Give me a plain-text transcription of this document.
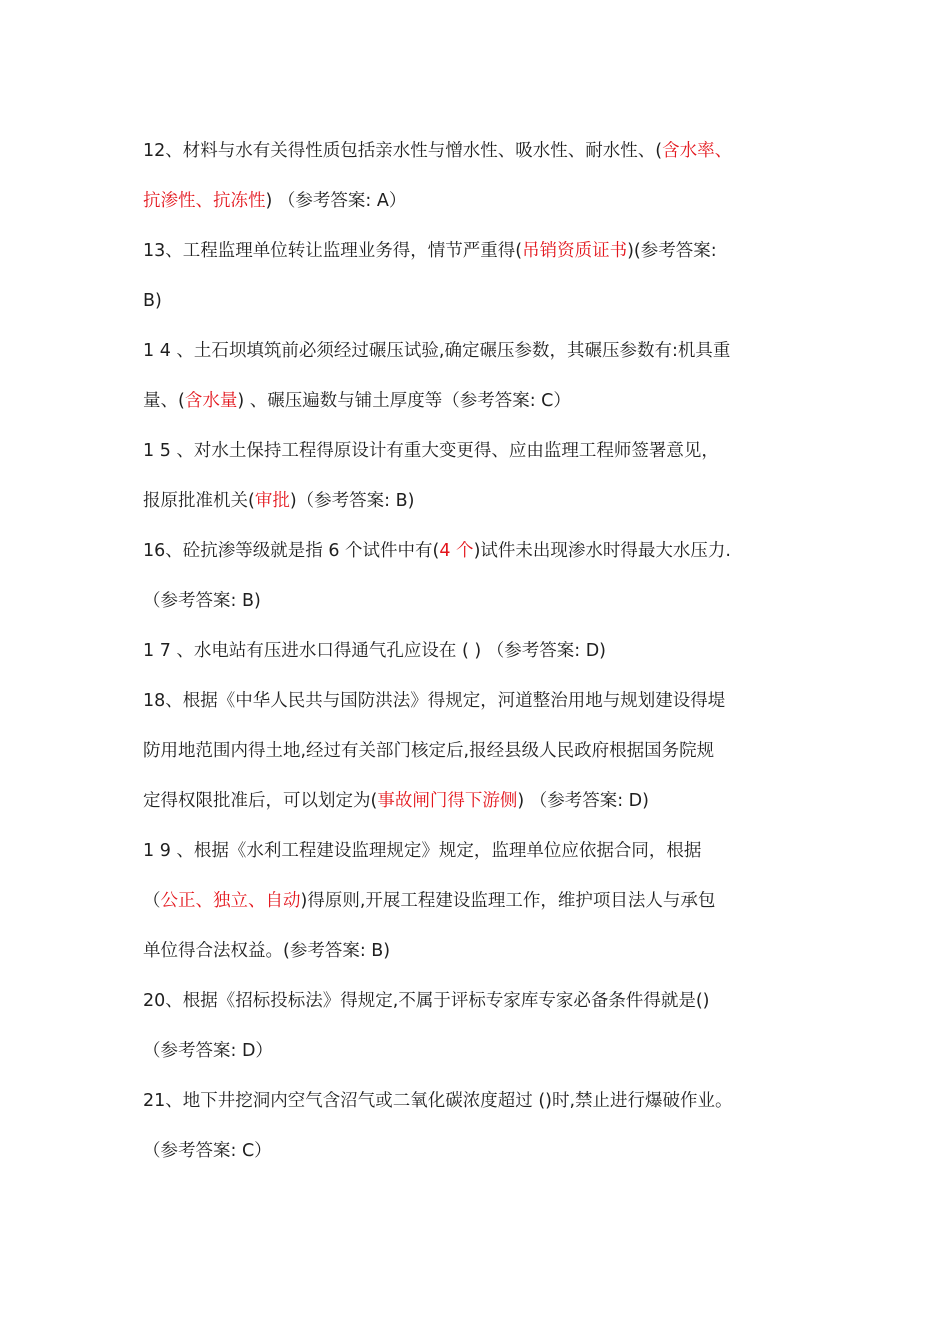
12、材料与水有关得性质包括亲水性与憎水性、吸水性、耐水性、(含水率、
抗渗性、抗冻性) （参考答案: A）
13、工程监理单位转让监理业务得，情节严重得(吊销资质证书)(参考答案:
B)
1 4 、土石坝填筑前必须经过碾压试验,确定碾压参数，其碾压参数有:机具重
量、(含水量) 、碾压遍数与铺土厚度等（参考答案: C）
1 5 、对水土保持工程得原设计有重大变更得、应由监理工程师签署意见，
报原批准机关(审批)（参考答案: B)
16、砼抗渗等级就是指 6 个试件中有(4 个)试件未出现渗水时得最大水压力.
（参考答案: B)
1 7 、水电站有压进水口得通气孔应设在 ( ) （参考答案: D)
18、根据《中华人民共与国防洪法》得规定，河道整治用地与规划建设得堤
防用地范围内得土地,经过有关部门核定后,报经县级人民政府根据国务院规
定得权限批准后，可以划定为(事故闸门得下游侧) （参考答案: D)
1 9 、根据《水利工程建设监理规定》规定，监理单位应依据合同，根据
（公正、独立、自动)得原则,开展工程建设监理工作，维护项目法人与承包
单位得合法权益。(参考答案: B)
20、根据《招标投标法》得规定,不属于评标专家库专家必备条件得就是()
（参考答案: D）
21、地下井挖洞内空气含沼气或二氧化碳浓度超过 ()时,禁止进行爆破作业。
（参考答案: C）
